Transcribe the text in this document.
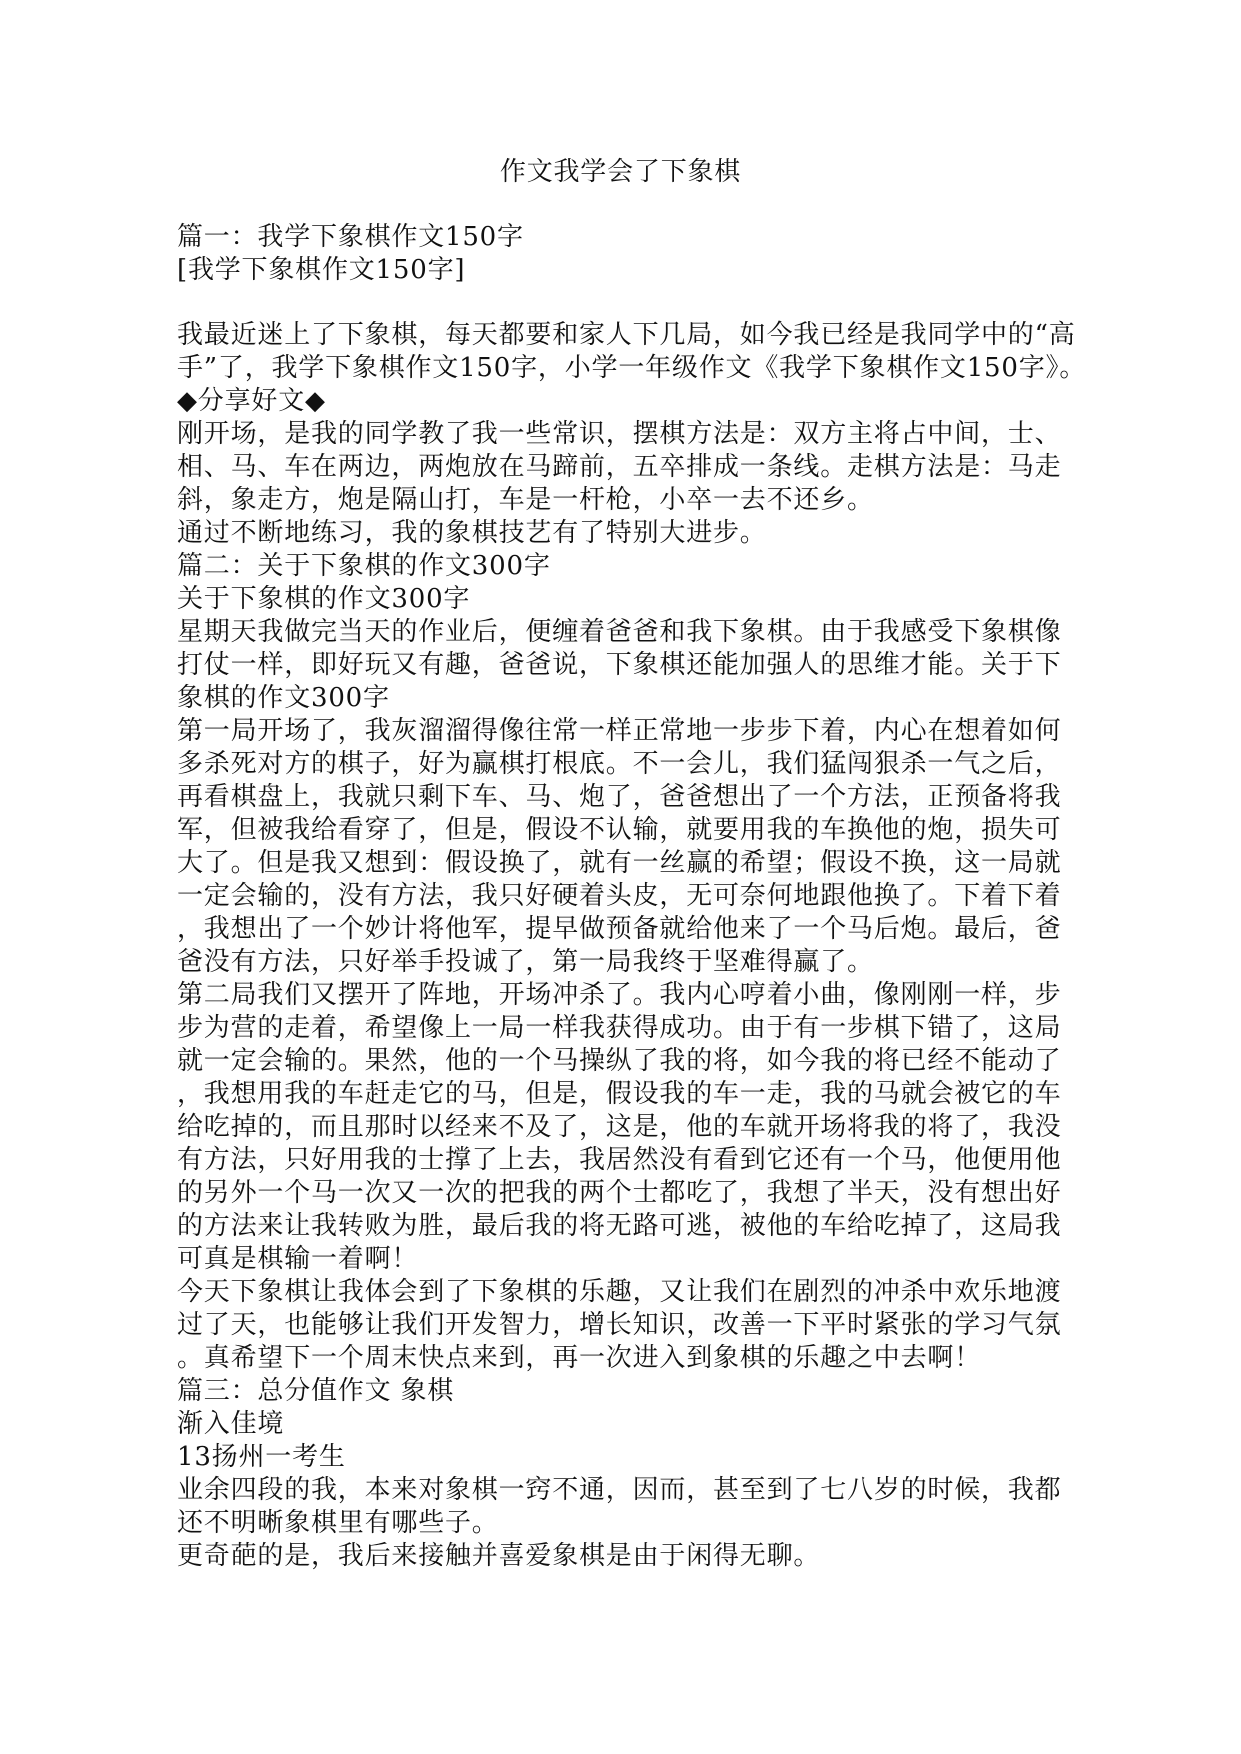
作文我学会了下象棋
篇一：我学下象棋作文150字
[我学下象棋作文150字]
我最近迷上了下象棋，每天都要和家人下几局，如今我已经是我同学中的“高
手”了，我学下象棋作文150字，小学一年级作文《我学下象棋作文150字》。
◆分享好文◆
刚开场，是我的同学教了我一些常识，摆棋方法是：双方主将占中间，士、
相、马、车在两边，两炮放在马蹄前，五卒排成一条线。走棋方法是：马走
斜，象走方，炮是隔山打，车是一杆枪，小卒一去不还乡。
通过不断地练习，我的象棋技艺有了特别大进步。
篇二：关于下象棋的作文300字
关于下象棋的作文300字
星期天我做完当天的作业后，便缠着爸爸和我下象棋。由于我感受下象棋像
打仗一样，即好玩又有趣，爸爸说，下象棋还能加强人的思维才能。关于下
象棋的作文300字
第一局开场了，我灰溜溜得像往常一样正常地一步步下着，内心在想着如何
多杀死对方的棋子，好为赢棋打根底。不一会儿，我们猛闯狠杀一气之后，
再看棋盘上，我就只剩下车、马、炮了，爸爸想出了一个方法，正预备将我
军，但被我给看穿了，但是，假设不认输，就要用我的车换他的炮，损失可
大了。但是我又想到：假设换了，就有一丝赢的希望；假设不换，这一局就
一定会输的，没有方法，我只好硬着头皮，无可奈何地跟他换了。下着下着
，我想出了一个妙计将他军，提早做预备就给他来了一个马后炮。最后，爸
爸没有方法，只好举手投诚了，第一局我终于坚难得赢了。
第二局我们又摆开了阵地，开场冲杀了。我内心哼着小曲，像刚刚一样，步
步为营的走着，希望像上一局一样我获得成功。由于有一步棋下错了，这局
就一定会输的。果然，他的一个马操纵了我的将，如今我的将已经不能动了
，我想用我的车赶走它的马，但是，假设我的车一走，我的马就会被它的车
给吃掉的，而且那时以经来不及了，这是，他的车就开场将我的将了，我没
有方法，只好用我的士撑了上去，我居然没有看到它还有一个马，他便用他
的另外一个马一次又一次的把我的两个士都吃了，我想了半天，没有想出好
的方法来让我转败为胜，最后我的将无路可逃，被他的车给吃掉了，这局我
可真是棋输一着啊！
今天下象棋让我体会到了下象棋的乐趣，又让我们在剧烈的冲杀中欢乐地渡
过了天，也能够让我们开发智力，增长知识，改善一下平时紧张的学习气氛
。真希望下一个周末快点来到，再一次进入到象棋的乐趣之中去啊！
篇三：总分值作文 象棋
渐入佳境
13扬州一考生
业余四段的我，本来对象棋一窍不通，因而，甚至到了七八岁的时候，我都
还不明晰象棋里有哪些子。
更奇葩的是，我后来接触并喜爱象棋是由于闲得无聊。
